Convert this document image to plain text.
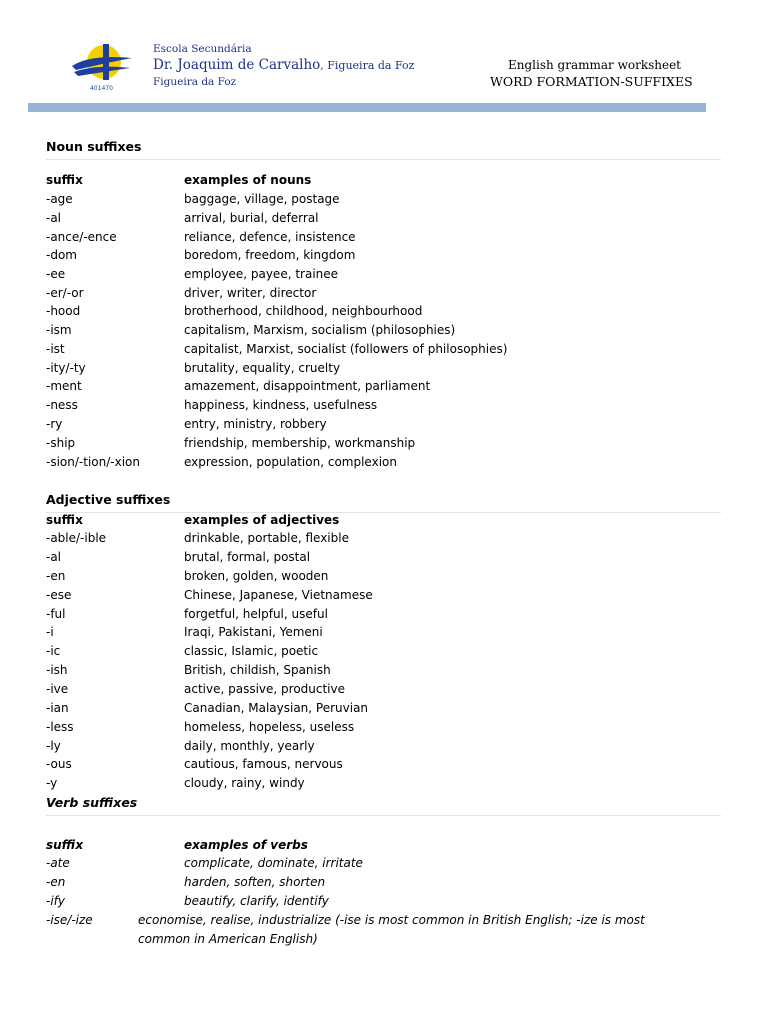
401470
Escola Secundária
Dr. Joaquim de Carvalho, Figueira da Foz
Figueira da Foz
English grammar worksheet
WORD FORMATION-SUFFIXES
Noun suffixes
suffix	examples of nouns
-age	baggage, village, postage
-al	arrival, burial, deferral
-ance/-ence	reliance, defence, insistence
-dom	boredom, freedom, kingdom
-ee	employee, payee, trainee
-er/-or	driver, writer, director
-hood	brotherhood, childhood, neighbourhood
-ism	capitalism, Marxism, socialism (philosophies)
-ist	capitalist, Marxist, socialist (followers of philosophies)
-ity/-ty	brutality, equality, cruelty
-ment	amazement, disappointment, parliament
-ness	happiness, kindness, usefulness
-ry	entry, ministry, robbery
-ship	friendship, membership, workmanship
-sion/-tion/-xion	expression, population, complexion
Adjective suffixes
suffix	examples of adjectives
-able/-ible	drinkable, portable, flexible
-al	brutal, formal, postal
-en	broken, golden, wooden
-ese	Chinese, Japanese, Vietnamese
-ful	forgetful, helpful, useful
-i	Iraqi, Pakistani, Yemeni
-ic	classic, Islamic, poetic
-ish	British, childish, Spanish
-ive	active, passive, productive
-ian	Canadian, Malaysian, Peruvian
-less	homeless, hopeless, useless
-ly	daily, monthly, yearly
-ous	cautious, famous, nervous
-y	cloudy, rainy, windy
Verb suffixes
suffix	examples of verbs
-ate	complicate, dominate, irritate
-en	harden, soften, shorten
-ify	beautify, clarify, identify
-ise/-ize	economise, realise, industrialize (-ise is most common in British English; -ize is most common in American English)
